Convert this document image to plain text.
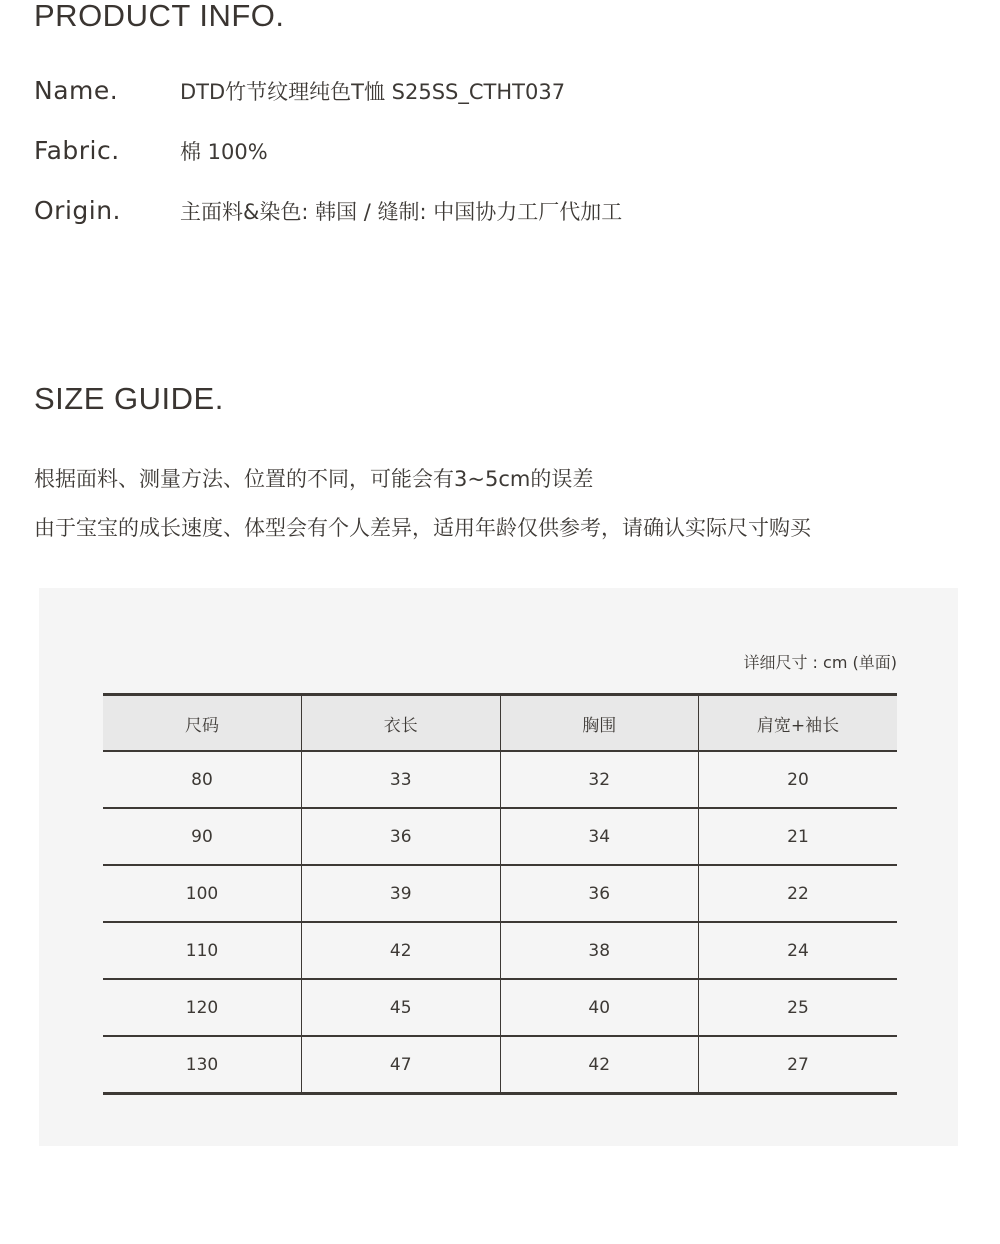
PRODUCT INFO.
Name.	DTD竹节纹理纯色T恤 S25SS_CTHT037
Fabric.	棉 100%
Origin.	主面料&染色: 韩国 / 缝制: 中国协力工厂代加工
SIZE GUIDE.

根据面料、测量方法、位置的不同，可能会有3~5cm的误差

由于宝宝的成长速度、体型会有个人差异，适用年龄仅供参考，请确认实际尺寸购买

详细尺寸 : cm (单面)
尺码	衣长	胸围	肩宽+袖长
80	33	32	20
90	36	34	21
100	39	36	22
110	42	38	24
120	45	40	25
130	47	42	27
